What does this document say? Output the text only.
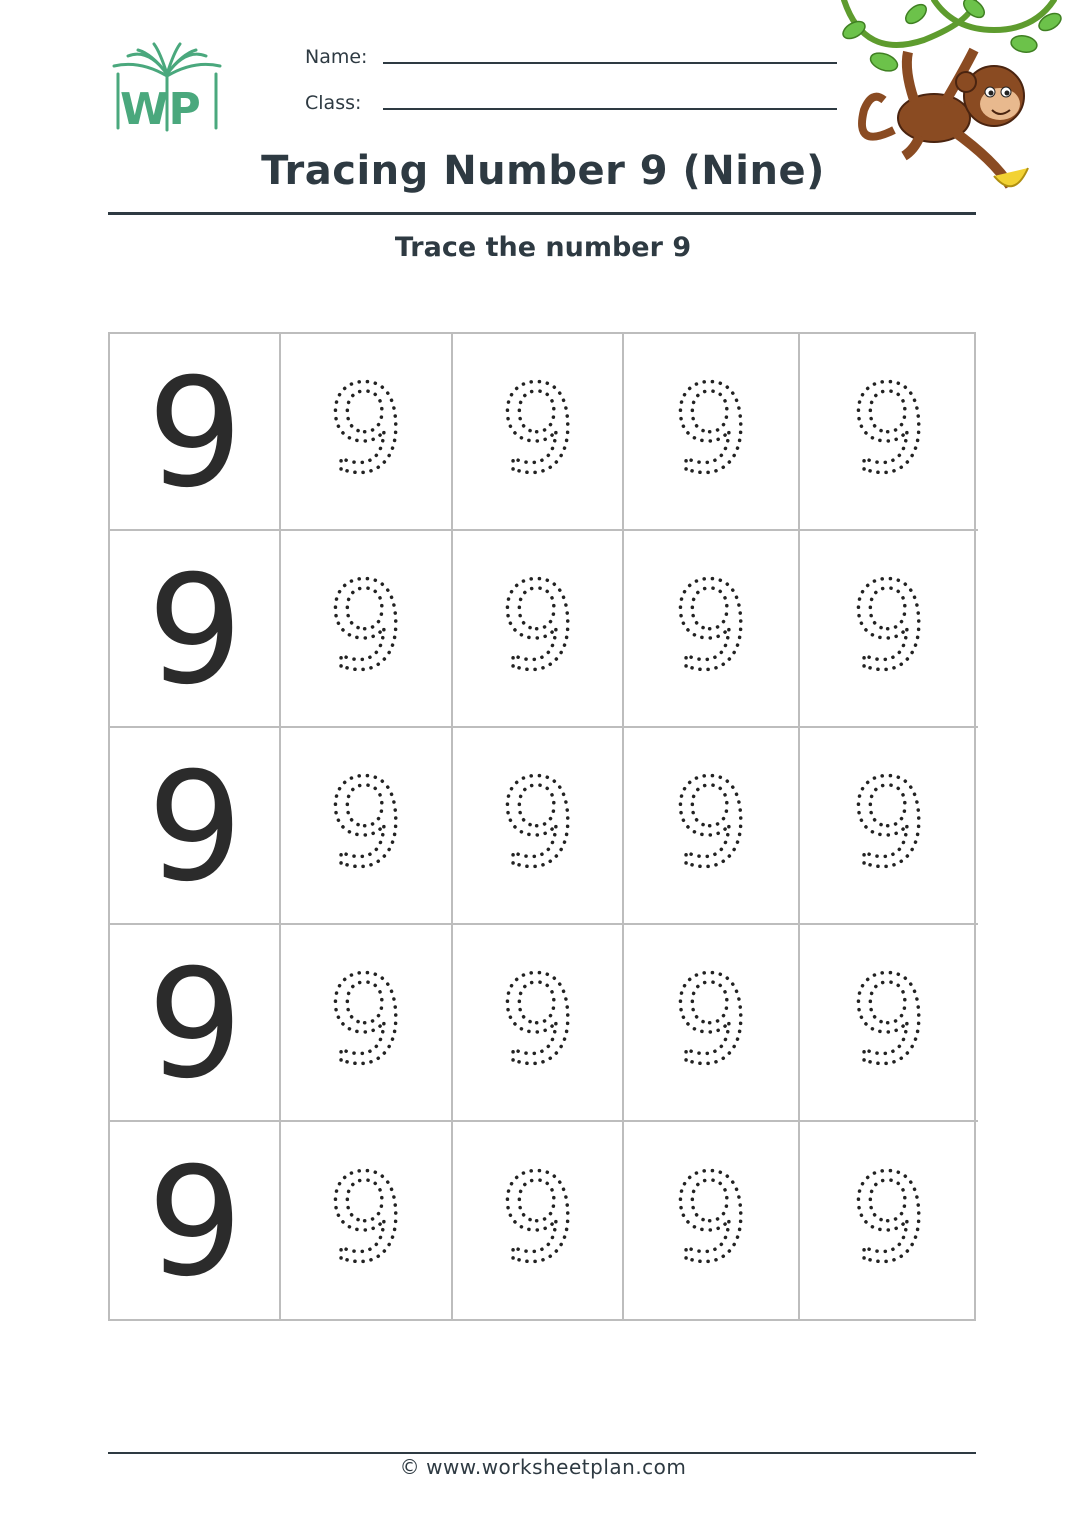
WP
Name:
Class:
Tracing Number 9 (Nine)
Trace the number 9
9 9 9 9 9
9 9 9 9 9
9 9 9 9 9
9 9 9 9 9
9 9 9 9 9
© www.worksheetplan.com
